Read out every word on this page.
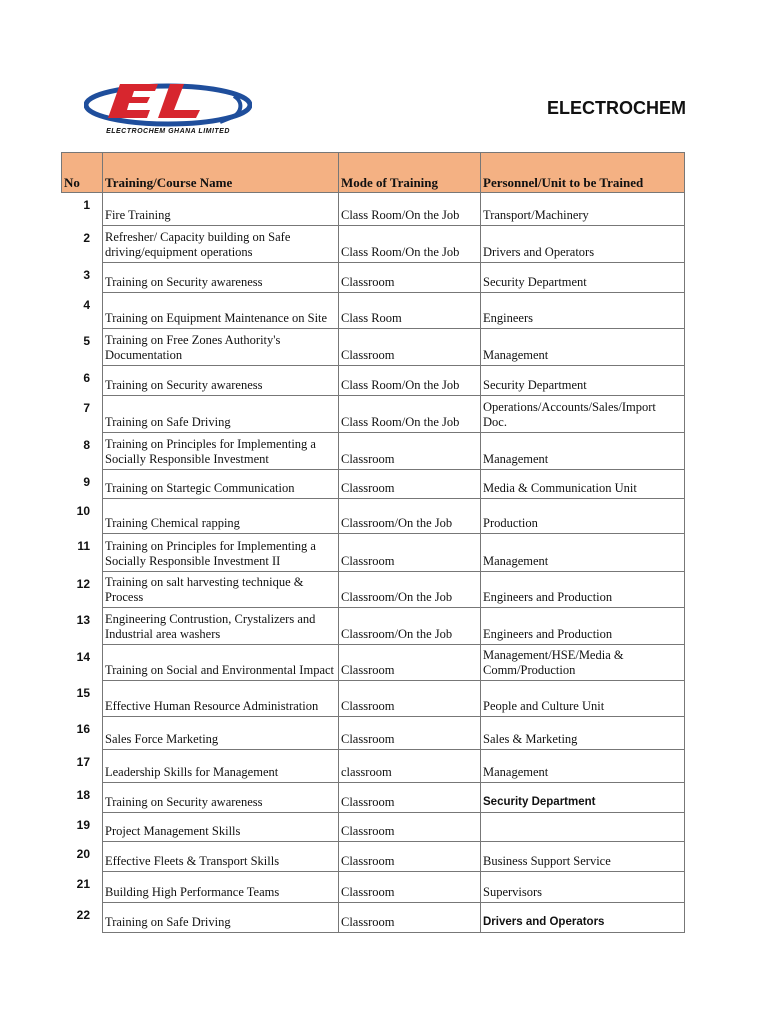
ELECTROCHEM GHANA LIMITED
ELECTROCHEM
No	Training/Course Name	Mode of Training	Personnel/Unit to be Trained
1	Fire Training	Class Room/On the Job	Transport/Machinery
2	Refresher/ Capacity building on Safe driving/equipment operations	Class Room/On the Job	Drivers and Operators
3	Training on Security awareness	Classroom	Security Department
4	Training on Equipment Maintenance on Site	Class Room	Engineers
5	Training on Free Zones Authority's Documentation	Classroom	Management
6	Training on Security awareness	Class Room/On the Job	Security Department
7	Training on Safe Driving	Class Room/On the Job	Operations/Accounts/Sales/Import Doc.
8	Training on Principles for Implementing a Socially Responsible Investment	Classroom	Management
9	Training on Startegic Communication	Classroom	Media & Communication Unit
10	Training Chemical rapping	Classroom/On the Job	Production
11	Training on Principles for Implementing a Socially Responsible Investment II	Classroom	Management
12	Training on salt harvesting technique & Process	Classroom/On the Job	Engineers and Production
13	Engineering Contrustion, Crystalizers and Industrial area washers	Classroom/On the Job	Engineers and Production
14	Training on Social and Environmental Impact	Classroom	Management/HSE/Media & Comm/Production
15	Effective Human Resource Administration	Classroom	People and Culture Unit
16	Sales Force Marketing	Classroom	Sales & Marketing
17	Leadership Skills for Management	classroom	Management
18	Training on Security awareness	Classroom	Security Department
19	Project Management Skills	Classroom	
20	Effective Fleets & Transport Skills	Classroom	Business Support Service
21	Building High Performance Teams	Classroom	Supervisors
22	Training on Safe Driving	Classroom	Drivers and Operators
